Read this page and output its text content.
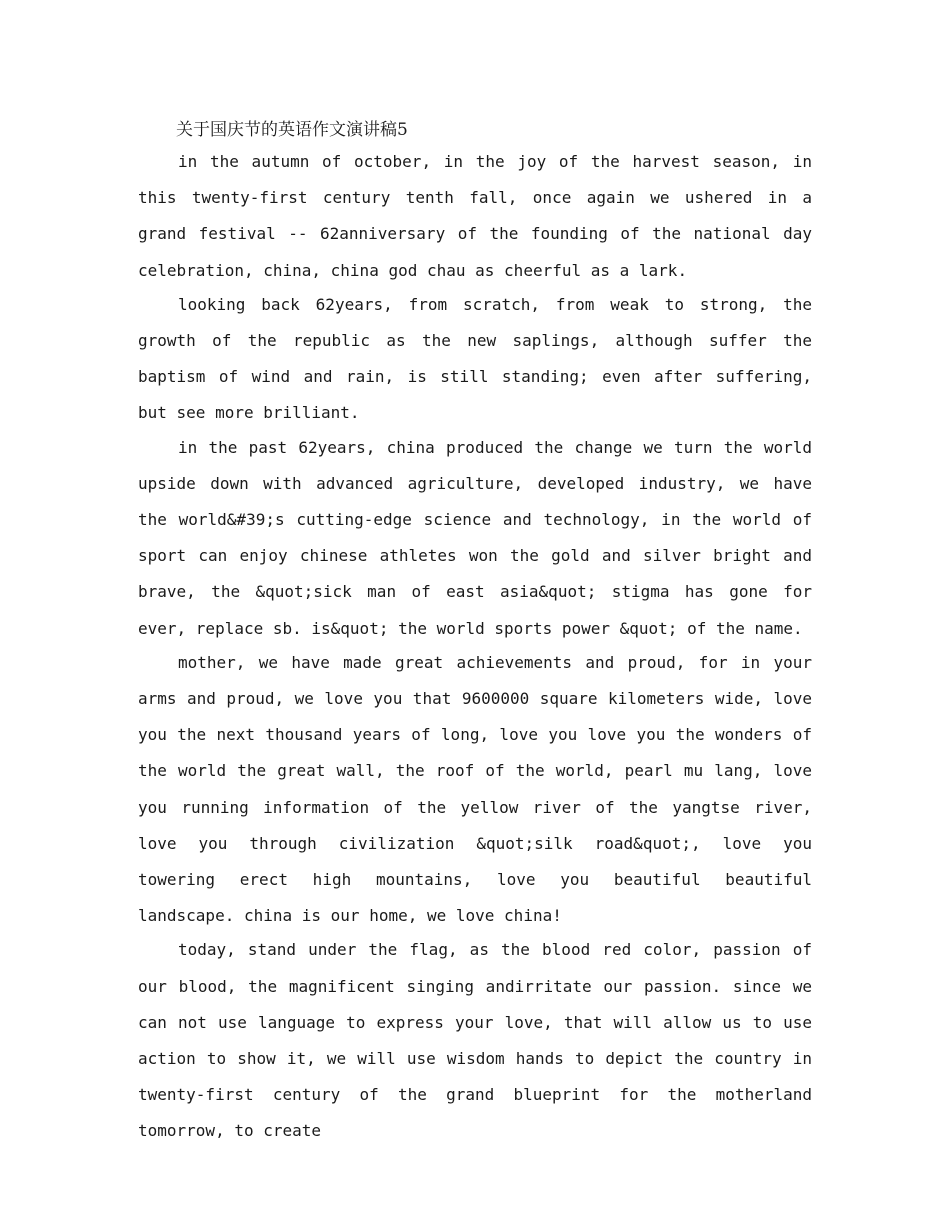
关于国庆节的英语作文演讲稿5

in the autumn of october, in the joy of the harvest season, in this twenty-first century tenth fall, once again we ushered in a grand festival -- 62anniversary of the founding of the national day celebration, china, china god chau as cheerful as a lark.

looking back 62years, from scratch, from weak to strong, the growth of the republic as the new saplings, although suffer the baptism of wind and rain, is still standing; even after suffering, but see more brilliant.

in the past 62years, china produced the change we turn the world upside down with advanced agriculture, developed industry, we have the world&#39;s cutting-edge science and technology, in the world of sport can enjoy chinese athletes won the gold and silver bright and brave, the &quot;sick man of east asia&quot; stigma has gone for ever, replace sb. is&quot; the world sports power &quot; of the name.

mother, we have made great achievements and proud, for in your arms and proud, we love you that 9600000 square kilometers wide, love you the next thousand years of long, love you love you the wonders of the world the great wall, the roof of the world, pearl mu lang, love you running information of the yellow river of the yangtse river, love you through civilization &quot;silk road&quot;, love you towering erect high mountains, love you beautiful beautiful landscape. china is our home, we love china!

today, stand under the flag, as the blood red color, passion of our blood, the magnificent singing andirritate our passion. since we can not use language to express your love, that will allow us to use action to show it, we will use wisdom hands to depict the country in twenty-first century of the grand blueprint for the motherland tomorrow, to create
